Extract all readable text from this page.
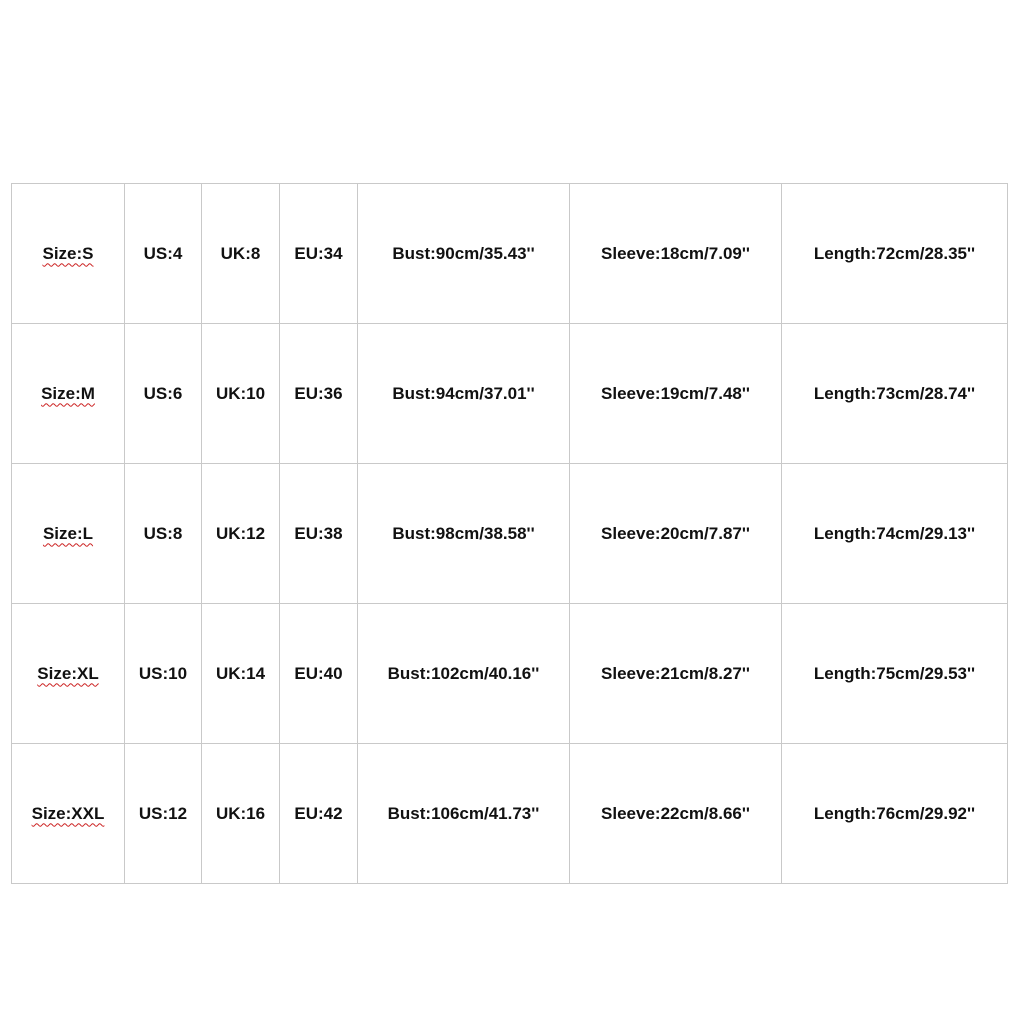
Size:S	US:4	UK:8	EU:34	Bust:90cm/35.43''	Sleeve:18cm/7.09''	Length:72cm/28.35''
Size:M	US:6	UK:10	EU:36	Bust:94cm/37.01''	Sleeve:19cm/7.48''	Length:73cm/28.74''
Size:L	US:8	UK:12	EU:38	Bust:98cm/38.58''	Sleeve:20cm/7.87''	Length:74cm/29.13''
Size:XL	US:10	UK:14	EU:40	Bust:102cm/40.16''	Sleeve:21cm/8.27''	Length:75cm/29.53''
Size:XXL	US:12	UK:16	EU:42	Bust:106cm/41.73''	Sleeve:22cm/8.66''	Length:76cm/29.92''
